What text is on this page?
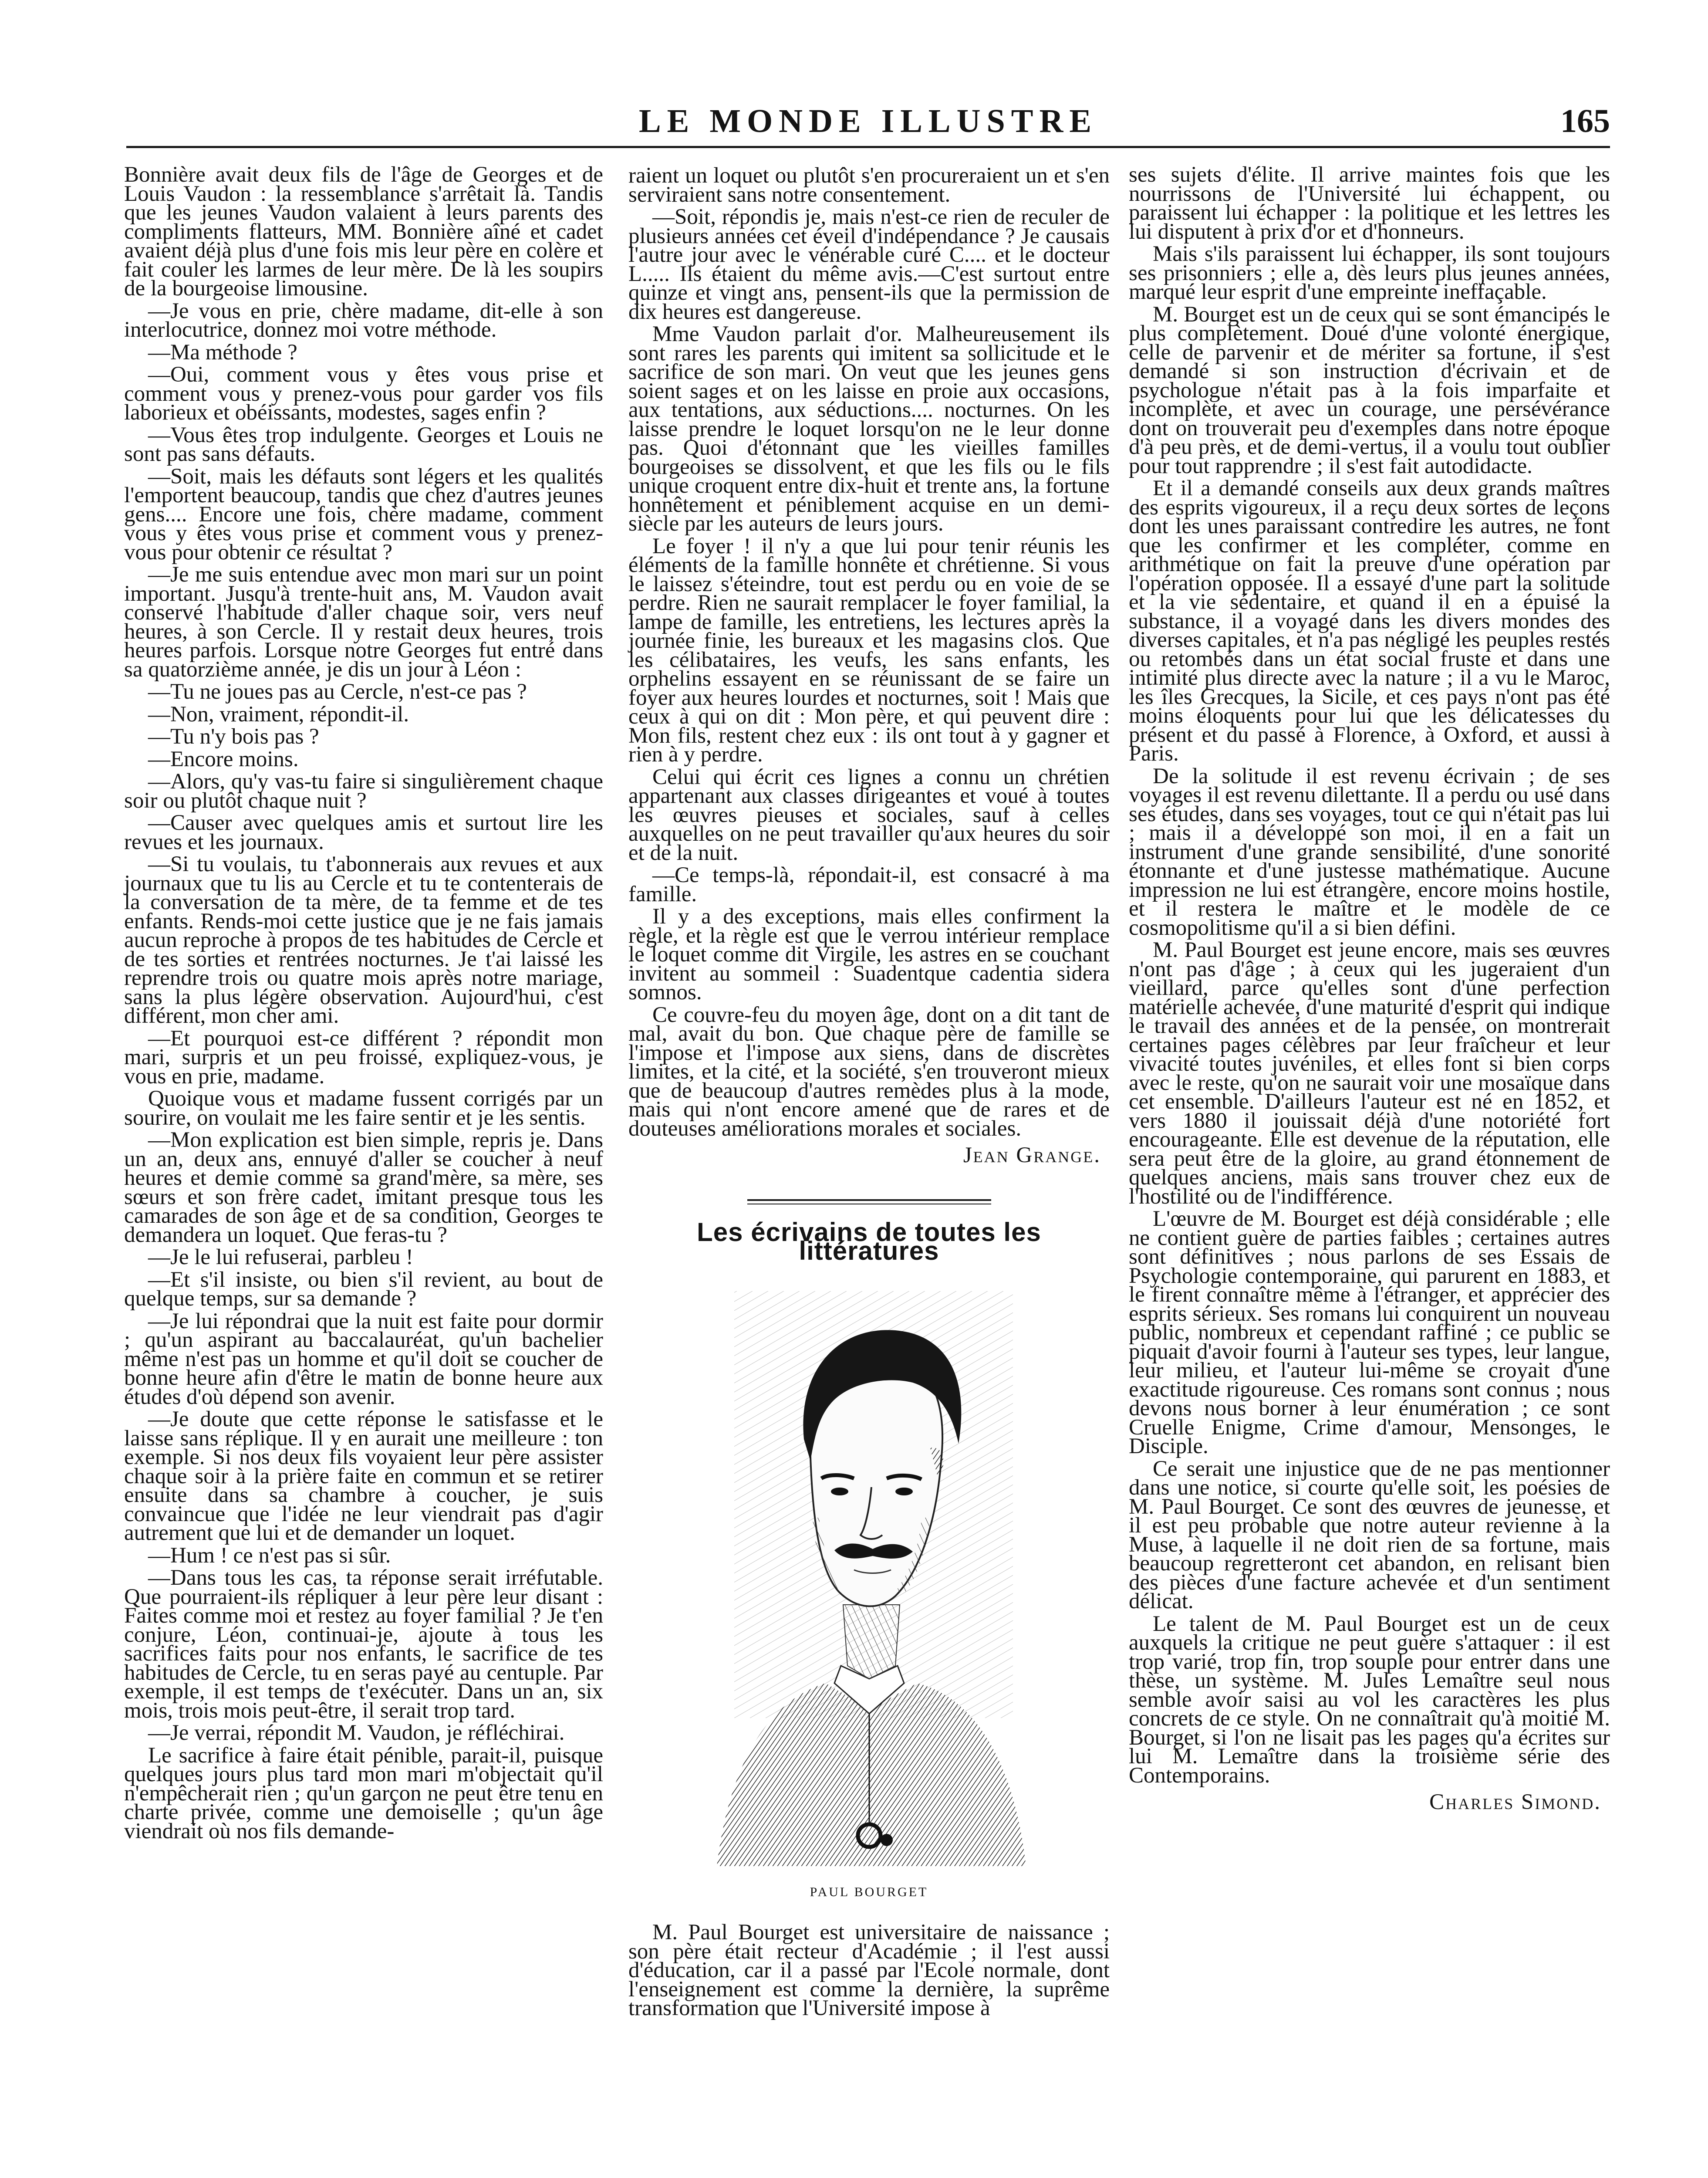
LE MONDE ILLUSTRE	165

Bonnière avait deux fils de l'âge de Georges et de Louis Vaudon : la ressemblance s'arrêtait là. Tandis que les jeunes Vaudon valaient à leurs parents des compliments flatteurs, MM. Bonnière aîné et cadet avaient déjà plus d'une fois mis leur père en colère et fait couler les larmes de leur mère. De là les soupirs de la bourgeoise limousine.

—Je vous en prie, chère madame, dit-elle à son interlocutrice, donnez moi votre méthode.

—Ma méthode ?

—Oui, comment vous y êtes vous prise et comment vous y prenez-vous pour garder vos fils laborieux et obéissants, modestes, sages enfin ?

—Vous êtes trop indulgente. Georges et Louis ne sont pas sans défauts.

—Soit, mais les défauts sont légers et les qualités l'emportent beaucoup, tandis que chez d'autres jeunes gens.... Encore une fois, chère madame, comment vous y êtes vous prise et comment vous y prenez-vous pour obtenir ce résultat ?

—Je me suis entendue avec mon mari sur un point important. Jusqu'à trente-huit ans, M. Vaudon avait conservé l'habitude d'aller chaque soir, vers neuf heures, à son Cercle. Il y restait deux heures, trois heures parfois. Lorsque notre Georges fut entré dans sa quatorzième année, je dis un jour à Léon :

—Tu ne joues pas au Cercle, n'est-ce pas ?

—Non, vraiment, répondit-il.

—Tu n'y bois pas ?

—Encore moins.

—Alors, qu'y vas-tu faire si singulièrement chaque soir ou plutôt chaque nuit ?

—Causer avec quelques amis et surtout lire les revues et les journaux.

—Si tu voulais, tu t'abonnerais aux revues et aux journaux que tu lis au Cercle et tu te contenterais de la conversation de ta mère, de ta femme et de tes enfants. Rends-moi cette justice que je ne fais jamais aucun reproche à propos de tes habitudes de Cercle et de tes sorties et rentrées nocturnes. Je t'ai laissé les reprendre trois ou quatre mois après notre mariage, sans la plus légère observation. Aujourd'hui, c'est différent, mon cher ami.

—Et pourquoi est-ce différent ? répondit mon mari, surpris et un peu froissé, expliquez-vous, je vous en prie, madame.

Quoique vous et madame fussent corrigés par un sourire, on voulait me les faire sentir et je les sentis.

—Mon explication est bien simple, repris je. Dans un an, deux ans, ennuyé d'aller se coucher à neuf heures et demie comme sa grand'mère, sa mère, ses sœurs et son frère cadet, imitant presque tous les camarades de son âge et de sa condition, Georges te demandera un loquet. Que feras-tu ?

—Je le lui refuserai, parbleu !

—Et s'il insiste, ou bien s'il revient, au bout de quelque temps, sur sa demande ?

—Je lui répondrai que la nuit est faite pour dormir ; qu'un aspirant au baccalauréat, qu'un bachelier même n'est pas un homme et qu'il doit se coucher de bonne heure afin d'être le matin de bonne heure aux études d'où dépend son avenir.

—Je doute que cette réponse le satisfasse et le laisse sans réplique. Il y en aurait une meilleure : ton exemple. Si nos deux fils voyaient leur père assister chaque soir à la prière faite en commun et se retirer ensuite dans sa chambre à coucher, je suis convaincue que l'idée ne leur viendrait pas d'agir autrement que lui et de demander un loquet.

—Hum ! ce n'est pas si sûr.

—Dans tous les cas, ta réponse serait irréfutable. Que pourraient-ils répliquer à leur père leur disant : Faites comme moi et restez au foyer familial ? Je t'en conjure, Léon, continuai-je, ajoute à tous les sacrifices faits pour nos enfants, le sacrifice de tes habitudes de Cercle, tu en seras payé au centuple. Par exemple, il est temps de t'exécuter. Dans un an, six mois, trois mois peut-être, il serait trop tard.

—Je verrai, répondit M. Vaudon, je réfléchirai.

Le sacrifice à faire était pénible, parait-il, puisque quelques jours plus tard mon mari m'objectait qu'il n'empêcherait rien ; qu'un garçon ne peut être tenu en charte privée, comme une demoiselle ; qu'un âge viendrait où nos fils demande-

raient un loquet ou plutôt s'en procureraient un et s'en serviraient sans notre consentement.

—Soit, répondis je, mais n'est-ce rien de reculer de plusieurs années cet éveil d'indépendance ? Je causais l'autre jour avec le vénérable curé C.... et le docteur L..... Ils étaient du même avis.—C'est surtout entre quinze et vingt ans, pensent-ils que la permission de dix heures est dangereuse.

Mme Vaudon parlait d'or. Malheureusement ils sont rares les parents qui imitent sa sollicitude et le sacrifice de son mari. On veut que les jeunes gens soient sages et on les laisse en proie aux occasions, aux tentations, aux séductions.... nocturnes. On les laisse prendre le loquet lorsqu'on ne le leur donne pas. Quoi d'étonnant que les vieilles familles bourgeoises se dissolvent, et que les fils ou le fils unique croquent entre dix-huit et trente ans, la fortune honnêtement et péniblement acquise en un demi-siècle par les auteurs de leurs jours.

Le foyer ! il n'y a que lui pour tenir réunis les éléments de la famille honnête et chrétienne. Si vous le laissez s'éteindre, tout est perdu ou en voie de se perdre. Rien ne saurait remplacer le foyer familial, la lampe de famille, les entretiens, les lectures après la journée finie, les bureaux et les magasins clos. Que les célibataires, les veufs, les sans enfants, les orphelins essayent en se réunissant de se faire un foyer aux heures lourdes et nocturnes, soit ! Mais que ceux à qui on dit : Mon père, et qui peuvent dire : Mon fils, restent chez eux : ils ont tout à y gagner et rien à y perdre.

Celui qui écrit ces lignes a connu un chrétien appartenant aux classes dirigeantes et voué à toutes les œuvres pieuses et sociales, sauf à celles auxquelles on ne peut travailler qu'aux heures du soir et de la nuit.

—Ce temps-là, répondait-il, est consacré à ma famille.

Il y a des exceptions, mais elles confirment la règle, et la règle est que le verrou intérieur remplace le loquet comme dit Virgile, les astres en se couchant invitent au sommeil : Suadentque cadentia sidera somnos.

Ce couvre-feu du moyen âge, dont on a dit tant de mal, avait du bon. Que chaque père de famille se l'impose et l'impose aux siens, dans de discrètes limites, et la cité, et la société, s'en trouveront mieux que de beaucoup d'autres remèdes plus à la mode, mais qui n'ont encore amené que de rares et de douteuses améliorations morales et sociales.

Jean Grange.
Les écrivains de toutes les littératures
PAUL BOURGET

M. Paul Bourget est universitaire de naissance ; son père était recteur d'Académie ; il l'est aussi d'éducation, car il a passé par l'Ecole normale, dont l'enseignement est comme la dernière, la suprême transformation que l'Université impose à

ses sujets d'élite. Il arrive maintes fois que les nourrissons de l'Université lui échappent, ou paraissent lui échapper : la politique et les lettres les lui disputent à prix d'or et d'honneurs.

Mais s'ils paraissent lui échapper, ils sont toujours ses prisonniers ; elle a, dès leurs plus jeunes années, marqué leur esprit d'une empreinte ineffaçable.

M. Bourget est un de ceux qui se sont émancipés le plus complètement. Doué d'une volonté énergique, celle de parvenir et de mériter sa fortune, il s'est demandé si son instruction d'écrivain et de psychologue n'était pas à la fois imparfaite et incomplète, et avec un courage, une persévérance dont on trouverait peu d'exemples dans notre époque d'à peu près, et de demi-vertus, il a voulu tout oublier pour tout rapprendre ; il s'est fait autodidacte.

Et il a demandé conseils aux deux grands maîtres des esprits vigoureux, il a reçu deux sortes de leçons dont les unes paraissant contredire les autres, ne font que les confirmer et les compléter, comme en arithmétique on fait la preuve d'une opération par l'opération opposée. Il a essayé d'une part la solitude et la vie sédentaire, et quand il en a épuisé la substance, il a voyagé dans les divers mondes des diverses capitales, et n'a pas négligé les peuples restés ou retombés dans un état social fruste et dans une intimité plus directe avec la nature ; il a vu le Maroc, les îles Grecques, la Sicile, et ces pays n'ont pas été moins éloquents pour lui que les délicatesses du présent et du passé à Florence, à Oxford, et aussi à Paris.

De la solitude il est revenu écrivain ; de ses voyages il est revenu dilettante. Il a perdu ou usé dans ses études, dans ses voyages, tout ce qui n'était pas lui ; mais il a développé son moi, il en a fait un instrument d'une grande sensibilité, d'une sonorité étonnante et d'une justesse mathématique. Aucune impression ne lui est étrangère, encore moins hostile, et il restera le maître et le modèle de ce cosmopolitisme qu'il a si bien défini.

M. Paul Bourget est jeune encore, mais ses œuvres n'ont pas d'âge ; à ceux qui les jugeraient d'un vieillard, parce qu'elles sont d'une perfection matérielle achevée, d'une maturité d'esprit qui indique le travail des années et de la pensée, on montrerait certaines pages célèbres par leur fraîcheur et leur vivacité toutes juvéniles, et elles font si bien corps avec le reste, qu'on ne saurait voir une mosaïque dans cet ensemble. D'ailleurs l'auteur est né en 1852, et vers 1880 il jouissait déjà d'une notoriété fort encourageante. Elle est devenue de la réputation, elle sera peut être de la gloire, au grand étonnement de quelques anciens, mais sans trouver chez eux de l'hostilité ou de l'indifférence.

L'œuvre de M. Bourget est déjà considérable ; elle ne contient guère de parties faibles ; certaines autres sont définitives ; nous parlons de ses Essais de Psychologie contemporaine, qui parurent en 1883, et le firent connaître même à l'étranger, et apprécier des esprits sérieux. Ses romans lui conquirent un nouveau public, nombreux et cependant raffiné ; ce public se piquait d'avoir fourni à l'auteur ses types, leur langue, leur milieu, et l'auteur lui-même se croyait d'une exactitude rigoureuse. Ces romans sont connus ; nous devons nous borner à leur énumération ; ce sont Cruelle Enigme, Crime d'amour, Mensonges, le Disciple.

Ce serait une injustice que de ne pas mentionner dans une notice, si courte qu'elle soit, les poésies de M. Paul Bourget. Ce sont des œuvres de jeunesse, et il est peu probable que notre auteur revienne à la Muse, à laquelle il ne doit rien de sa fortune, mais beaucoup regretteront cet abandon, en relisant bien des pièces d'une facture achevée et d'un sentiment délicat.

Le talent de M. Paul Bourget est un de ceux auxquels la critique ne peut guère s'attaquer : il est trop varié, trop fin, trop souple pour entrer dans une thèse, un système. M. Jules Lemaître seul nous semble avoir saisi au vol les caractères les plus concrets de ce style. On ne connaîtrait qu'à moitié M. Bourget, si l'on ne lisait pas les pages qu'a écrites sur lui M. Lemaître dans la troisième série des Contemporains.

Charles Simond.
